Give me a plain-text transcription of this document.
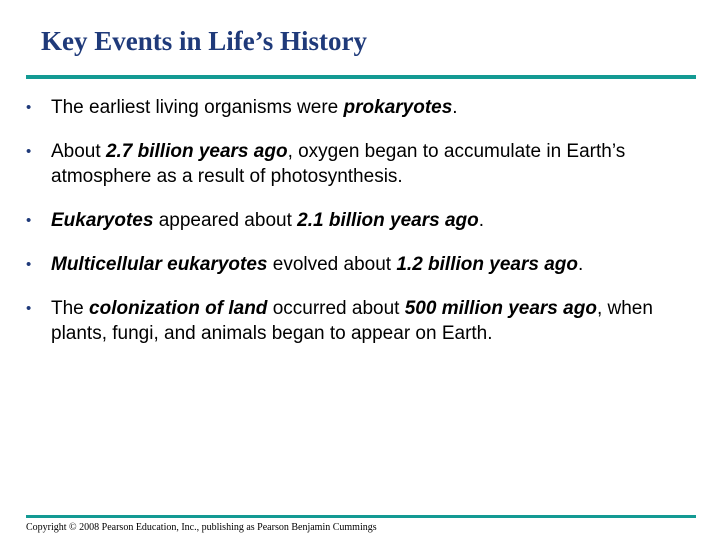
Key Events in Life’s History
• The earliest living organisms were prokaryotes.
• About 2.7 billion years ago, oxygen began to accumulate in Earth’s atmosphere as a result of photosynthesis.
• Eukaryotes appeared about 2.1 billion years ago.
• Multicellular eukaryotes evolved about 1.2 billion years ago.
• The colonization of land occurred about 500 million years ago, when plants, fungi, and animals began to appear on Earth.
Copyright © 2008 Pearson Education, Inc., publishing as Pearson Benjamin Cummings
